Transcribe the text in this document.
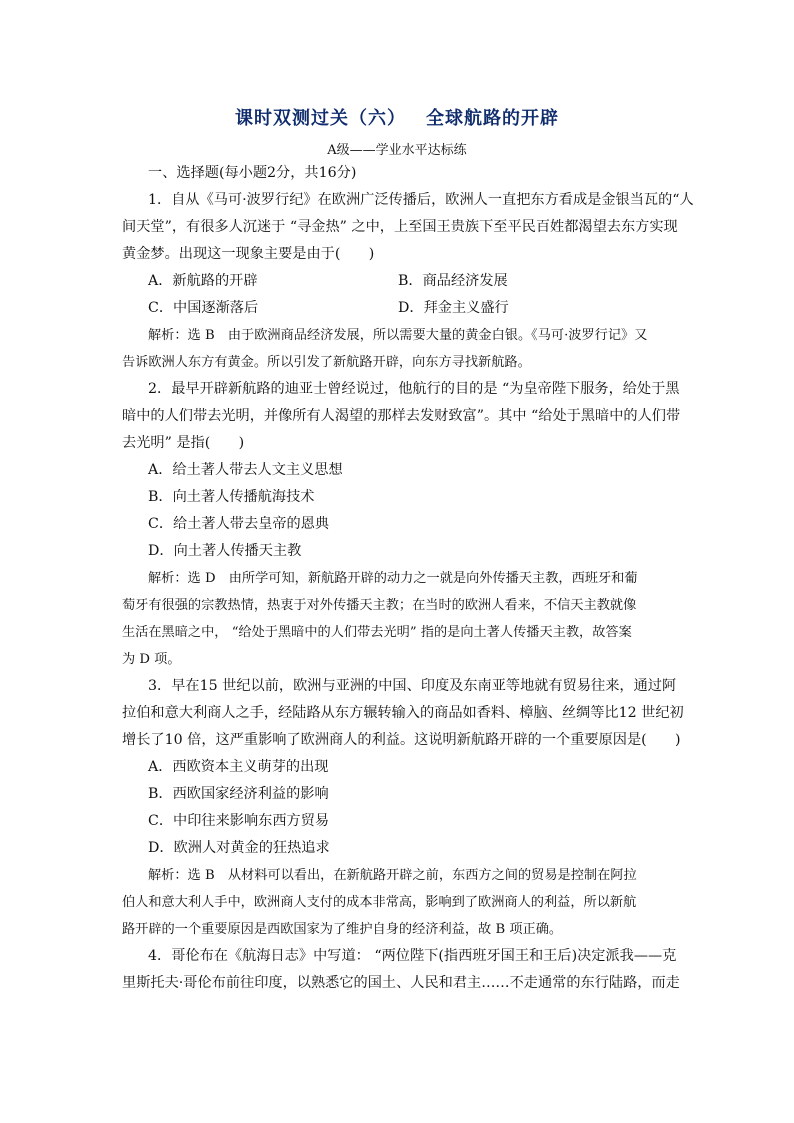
课时双测过关（六） 全球航路的开辟
A级——学业水平达标练
一、选择题(每小题2分，共16分)
1．自从《马可·波罗行纪》在欧洲广泛传播后，欧洲人一直把东方看成是金银当瓦的“人
间天堂”，有很多人沉迷于 “寻金热” 之中，上至国王贵族下至平民百姓都渴望去东方实现
黄金梦。出现这一现象主要是由于(　　)
A．新航路的开辟	B．商品经济发展
C．中国逐渐落后	D．拜金主义盛行
解析：选 B　由于欧洲商品经济发展，所以需要大量的黄金白银。《马可·波罗行记》又
告诉欧洲人东方有黄金。所以引发了新航路开辟，向东方寻找新航路。
2．最早开辟新航路的迪亚士曾经说过，他航行的目的是 “为皇帝陛下服务，给处于黑
暗中的人们带去光明，并像所有人渴望的那样去发财致富”。其中 “给处于黑暗中的人们带
去光明” 是指(　　)
A．给土著人带去人文主义思想
B．向土著人传播航海技术
C．给土著人带去皇帝的恩典
D．向土著人传播天主教
解析：选 D　由所学可知，新航路开辟的动力之一就是向外传播天主教，西班牙和葡
萄牙有很强的宗教热情，热衷于对外传播天主教；在当时的欧洲人看来，不信天主教就像
生活在黑暗之中， “给处于黑暗中的人们带去光明” 指的是向土著人传播天主教，故答案
为 D 项。
3．早在15 世纪以前，欧洲与亚洲的中国、印度及东南亚等地就有贸易往来，通过阿
拉伯和意大利商人之手，经陆路从东方辗转输入的商品如香料、樟脑、丝绸等比12 世纪初
增长了10 倍，这严重影响了欧洲商人的利益。这说明新航路开辟的一个重要原因是(　　)
A．西欧资本主义萌芽的出现
B．西欧国家经济利益的影响
C．中印往来影响东西方贸易
D．欧洲人对黄金的狂热追求
解析：选 B　从材料可以看出，在新航路开辟之前，东西方之间的贸易是控制在阿拉
伯人和意大利人手中，欧洲商人支付的成本非常高，影响到了欧洲商人的利益，所以新航
路开辟的一个重要原因是西欧国家为了维护自身的经济利益，故 B 项正确。
4．哥伦布在《航海日志》中写道： “两位陛下(指西班牙国王和王后)决定派我——克
里斯托夫·哥伦布前往印度，以熟悉它的国土、人民和君主……不走通常的东行陆路，而走
